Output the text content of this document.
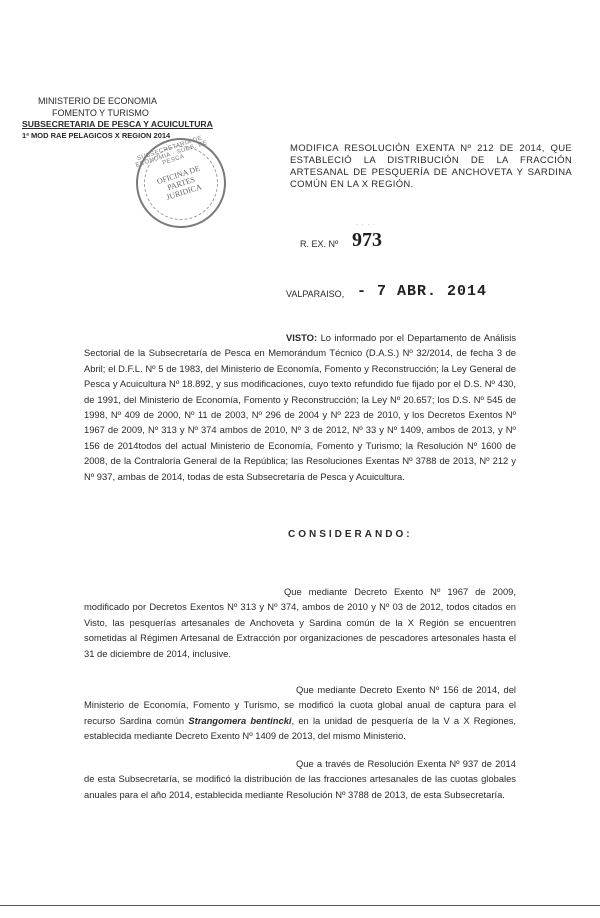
MINISTERIO DE ECONOMIA
FOMENTO Y TURISMO
SUBSECRETARIA DE PESCA Y ACUICULTURA
1ª MOD RAE PELAGICOS X REGION 2014
SUBSECRETARIA DE ECONOMIA · SUBS. DE PESCA
OFICINA DE PARTES JURIDICA
MODIFICA RESOLUCIÓN EXENTA Nº 212 DE 2014, QUE ESTABLECIÓ LA DISTRIBUCIÓN DE LA FRACCIÓN ARTESANAL DE PESQUERÍA DE ANCHOVETA Y SARDINA COMÚN EN LA X REGIÓN.
· · · ·
R. EX. Nº 973
VALPARAISO, - 7 ABR. 2014
VISTO: Lo informado por el Departamento de Análisis Sectorial de la Subsecretaría de Pesca en Memorándum Técnico (D.A.S.) Nº 32/2014, de fecha 3 de Abril; el D.F.L. Nº 5 de 1983, del Ministerio de Economía, Fomento y Reconstrucción; la Ley General de Pesca y Acuicultura Nº 18.892, y sus modificaciones, cuyo texto refundido fue fijado por el D.S. Nº 430, de 1991, del Ministerio de Economía, Fomento y Reconstrucción; la Ley Nº 20.657; los D.S. Nº 545 de 1998, Nº 409 de 2000, Nº 11 de 2003, Nº 296 de 2004 y Nº 223 de 2010, y los Decretos Exentos Nº 1967 de 2009, Nº 313 y Nº 374 ambos de 2010, Nº 3 de 2012, Nº 33 y Nº 1409, ambos de 2013, y Nº 156 de 2014todos del actual Ministerio de Economía, Fomento y Turismo; la Resolución Nº 1600 de 2008, de la Contraloría General de la República; las Resoluciones Exentas Nº 3788 de 2013, Nº 212 y Nº 937, ambas de 2014, todas de esta Subsecretaría de Pesca y Acuicultura.
CONSIDERANDO:
Que mediante Decreto Exento Nº 1967 de 2009, modificado por Decretos Exentos Nº 313 y Nº 374, ambos de 2010 y Nº 03 de 2012, todos citados en Visto, las pesquerías artesanales de Anchoveta y Sardina común de la X Región se encuentren sometidas al Régimen Artesanal de Extracción por organizaciones de pescadores artesonales hasta el 31 de diciembre de 2014, inclusive.
Que mediante Decreto Exento Nº 156 de 2014, del Ministerio de Economía, Fomento y Turismo, se modificó la cuota global anual de captura para el recurso Sardina común Strangomera bentincki, en la unidad de pesquería de la V a X Regiones, establecida mediante Decreto Exento Nº 1409 de 2013, del mismo Ministerio.
Que a través de Resolución Exenta Nº 937 de 2014 de esta Subsecretaría, se modificó la distribución de las fracciones artesanales de las cuotas globales anuales para el año 2014, establecida mediante Resolución Nº 3788 de 2013, de esta Subsecretaría.
